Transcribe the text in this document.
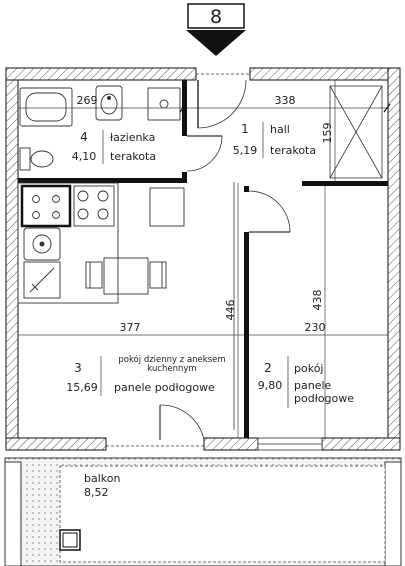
8
269	338
159
377	230
446	438
4
4,10
łazienka
terakota
1
5,19
hall
terakota
3
15,69
pokój dzienny z aneksem
kuchennym
panele podłogowe
2
9,80
pokój
panele
podłogowe
balkon
8,52
